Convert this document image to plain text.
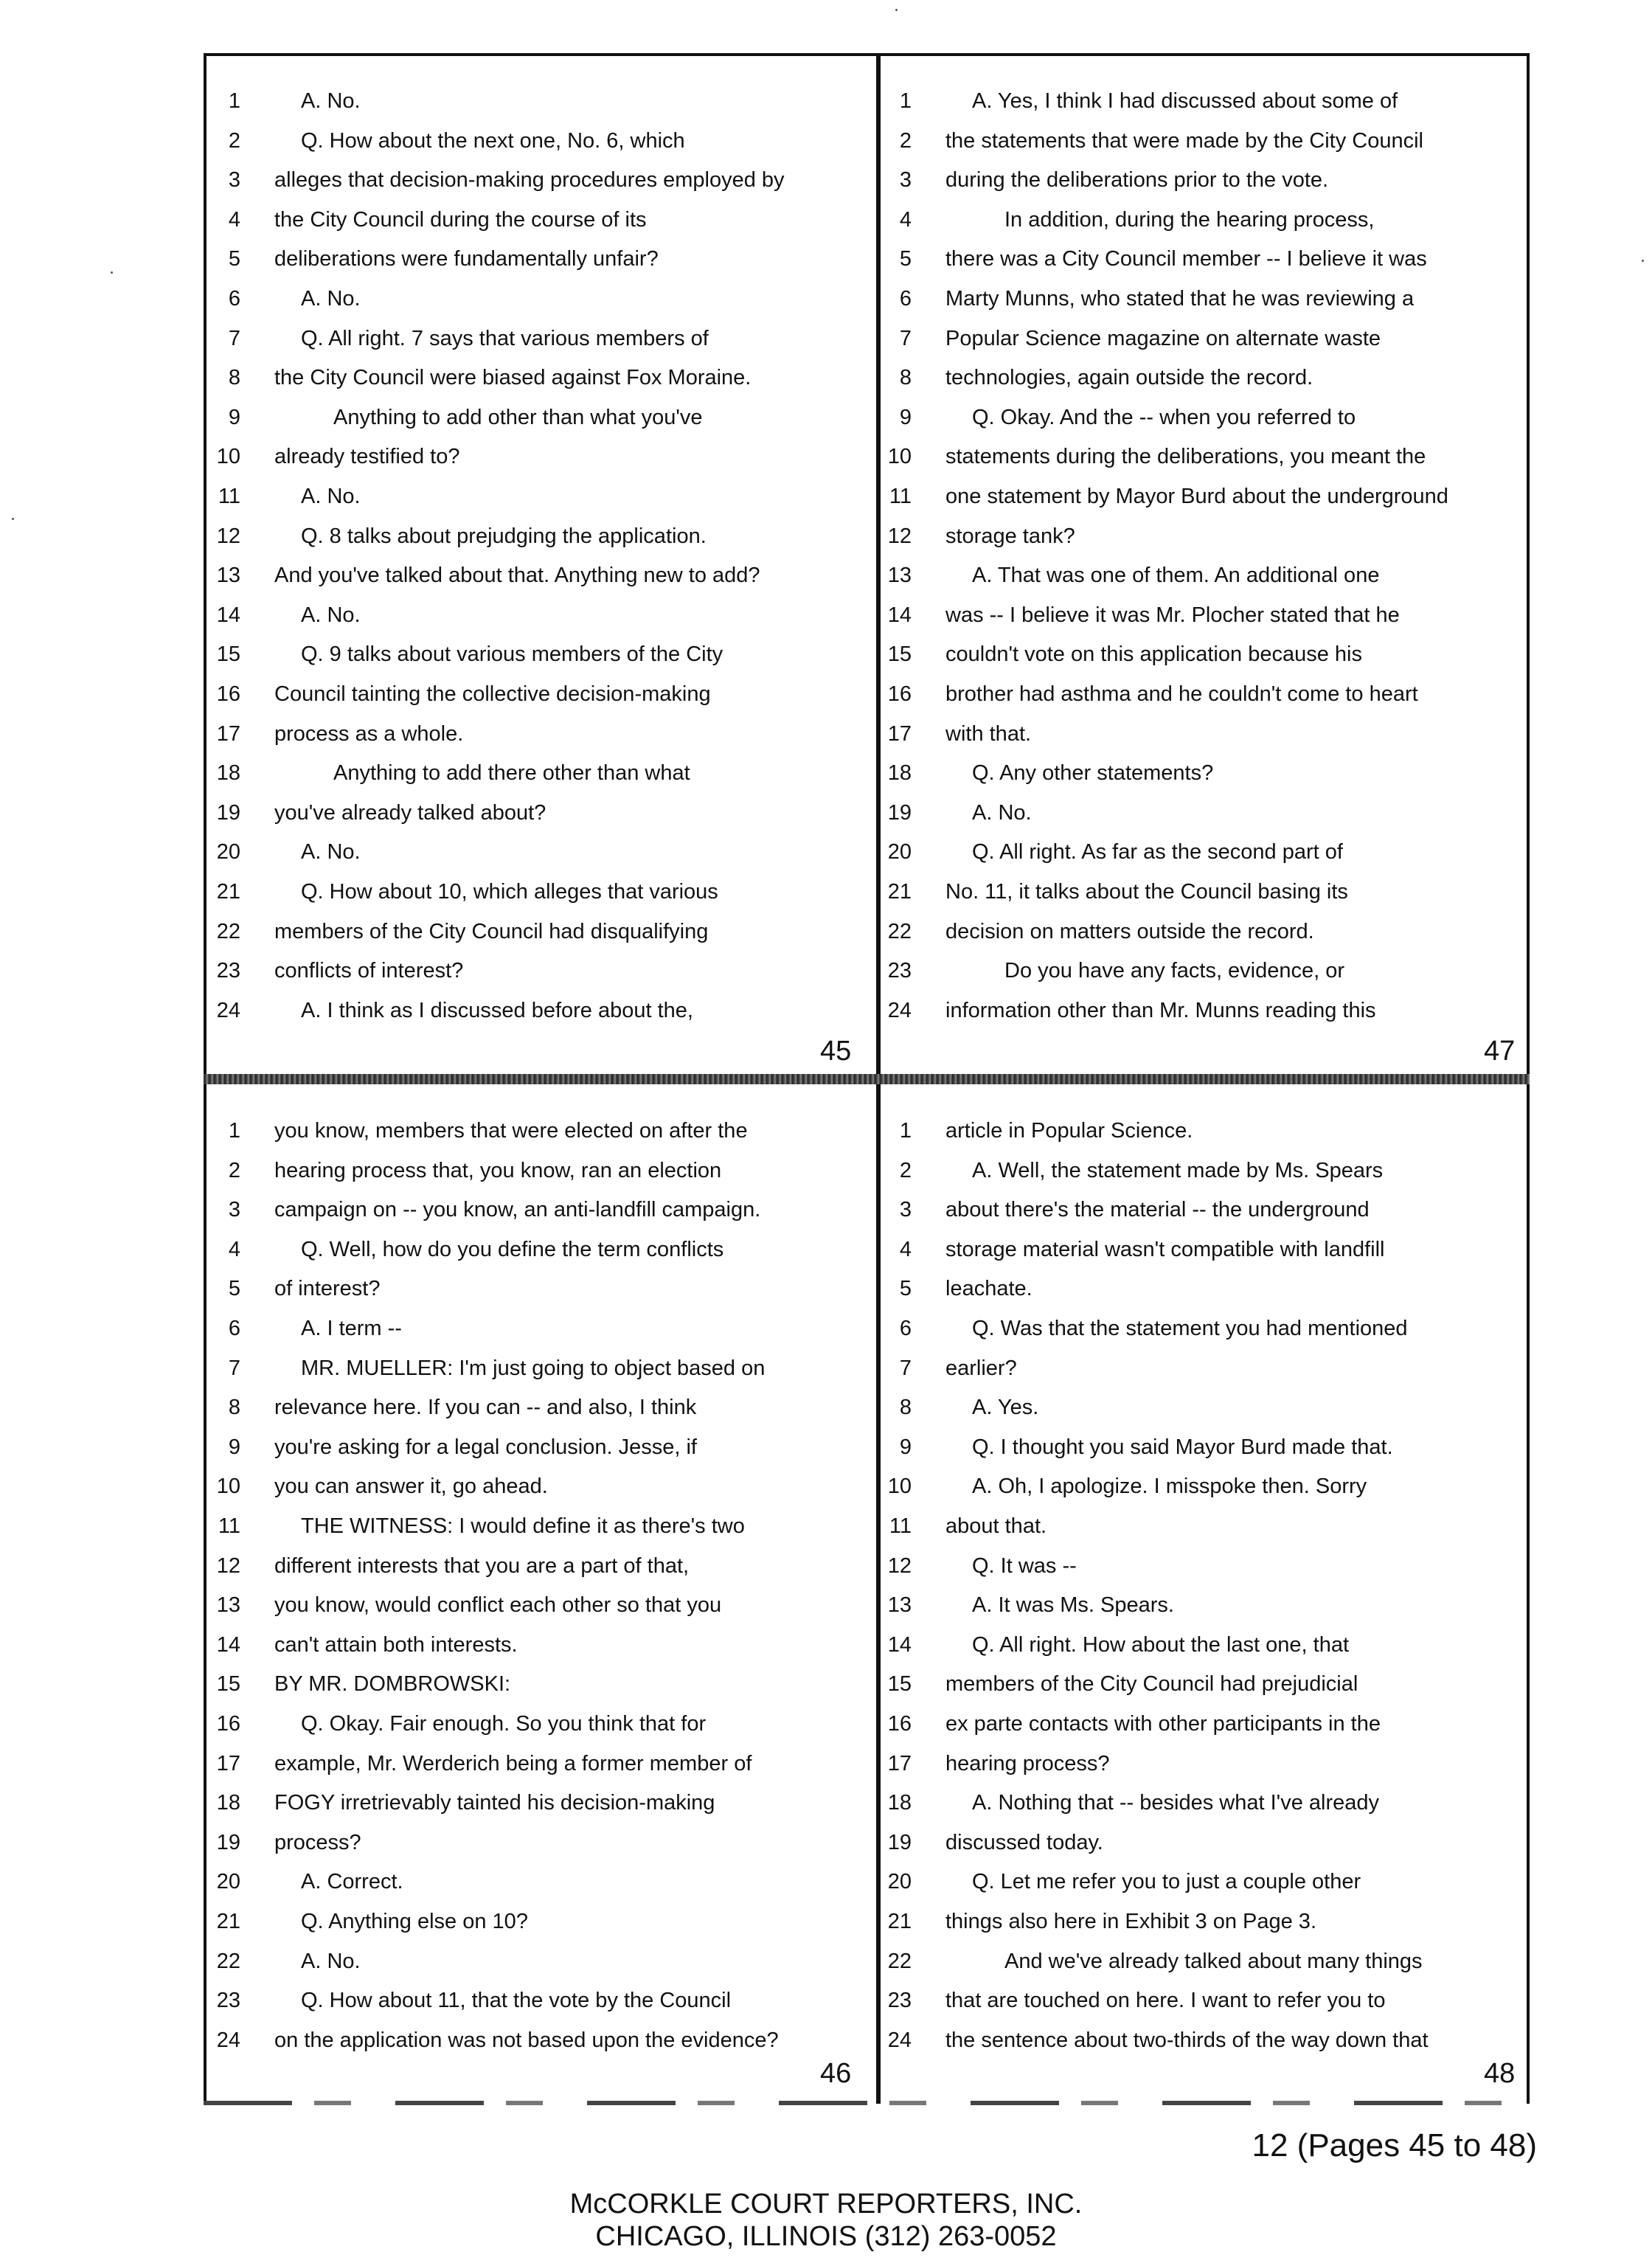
1	A. No.
2	Q. How about the next one, No. 6, which
3 alleges that decision-making procedures employed by
4 the City Council during the course of its
5 deliberations were fundamentally unfair?
6	A. No.
7	Q. All right. 7 says that various members of
8 the City Council were biased against Fox Moraine.
9	Anything to add other than what you've
10 already testified to?
11	A. No.
12	Q. 8 talks about prejudging the application.
13 And you've talked about that. Anything new to add?
14	A. No.
15	Q. 9 talks about various members of the City
16 Council tainting the collective decision-making
17 process as a whole.
18	Anything to add there other than what
19 you've already talked about?
20	A. No.
21	Q. How about 10, which alleges that various
22 members of the City Council had disqualifying
23 conflicts of interest?
24	A. I think as I discussed before about the,
45
1 you know, members that were elected on after the
2 hearing process that, you know, ran an election
3 campaign on -- you know, an anti-landfill campaign.
4	Q. Well, how do you define the term conflicts
5 of interest?
6	A. I term --
7	MR. MUELLER: I'm just going to object based on
8 relevance here. If you can -- and also, I think
9 you're asking for a legal conclusion. Jesse, if
10 you can answer it, go ahead.
11	THE WITNESS: I would define it as there's two
12 different interests that you are a part of that,
13 you know, would conflict each other so that you
14 can't attain both interests.
15 BY MR. DOMBROWSKI:
16	Q. Okay. Fair enough. So you think that for
17 example, Mr. Werderich being a former member of
18 FOGY irretrievably tainted his decision-making
19 process?
20	A. Correct.
21	Q. Anything else on 10?
22	A. No.
23	Q. How about 11, that the vote by the Council
24 on the application was not based upon the evidence?
46
1	A. Yes, I think I had discussed about some of
2 the statements that were made by the City Council
3 during the deliberations prior to the vote.
4	In addition, during the hearing process,
5 there was a City Council member -- I believe it was
6 Marty Munns, who stated that he was reviewing a
7 Popular Science magazine on alternate waste
8 technologies, again outside the record.
9	Q. Okay. And the -- when you referred to
10 statements during the deliberations, you meant the
11 one statement by Mayor Burd about the underground
12 storage tank?
13	A. That was one of them. An additional one
14 was -- I believe it was Mr. Plocher stated that he
15 couldn't vote on this application because his
16 brother had asthma and he couldn't come to heart
17 with that.
18	Q. Any other statements?
19	A. No.
20	Q. All right. As far as the second part of
21 No. 11, it talks about the Council basing its
22 decision on matters outside the record.
23	Do you have any facts, evidence, or
24 information other than Mr. Munns reading this
47
1 article in Popular Science.
2	A. Well, the statement made by Ms. Spears
3 about there's the material -- the underground
4 storage material wasn't compatible with landfill
5 leachate.
6	Q. Was that the statement you had mentioned
7 earlier?
8	A. Yes.
9	Q. I thought you said Mayor Burd made that.
10	A. Oh, I apologize. I misspoke then. Sorry
11 about that.
12	Q. It was --
13	A. It was Ms. Spears.
14	Q. All right. How about the last one, that
15 members of the City Council had prejudicial
16 ex parte contacts with other participants in the
17 hearing process?
18	A. Nothing that -- besides what I've already
19 discussed today.
20	Q. Let me refer you to just a couple other
21 things also here in Exhibit 3 on Page 3.
22	And we've already talked about many things
23 that are touched on here. I want to refer you to
24 the sentence about two-thirds of the way down that
48
12 (Pages 45 to 48)
McCORKLE COURT REPORTERS, INC.
CHICAGO, ILLINOIS (312) 263-0052
